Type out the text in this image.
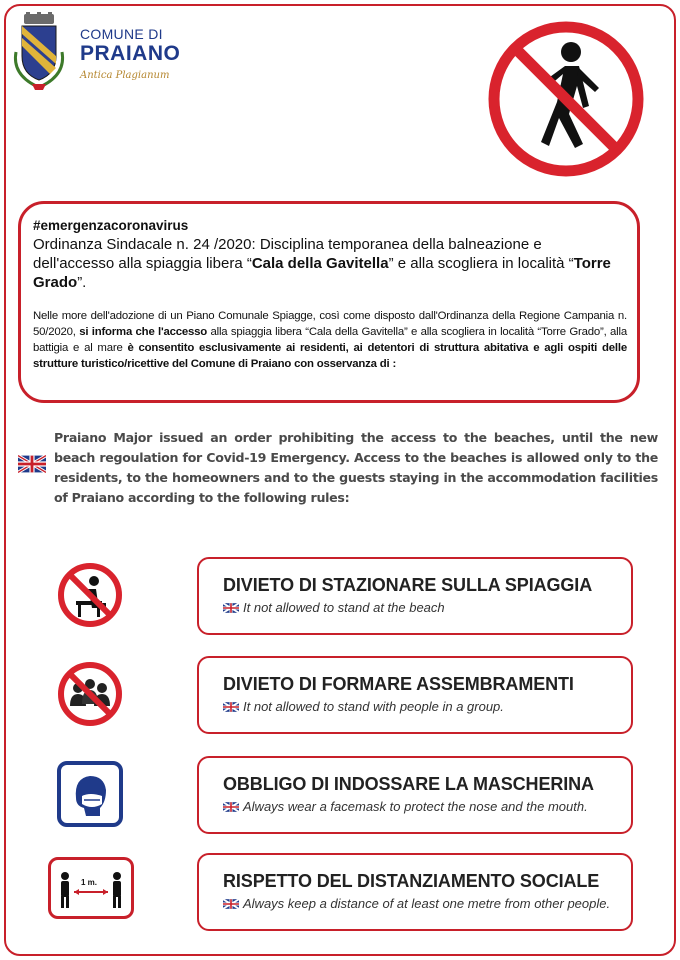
COMUNE DI
PRAIANO
Antica Plagianum
#emergenzacoronavirus
Ordinanza Sindacale n. 24 /2020: Disciplina temporanea della balneazione e dell'accesso alla spiaggia libera “Cala della Gavitella” e alla scogliera in località “Torre Grado”.
Nelle more dell'adozione di un Piano Comunale Spiagge, così come disposto dall'Ordinanza della Regione Campania n. 50/2020, si informa che l'accesso alla spiaggia libera “Cala della Gavitella” e alla scogliera in località “Torre Grado”, alla battigia e al mare è consentito esclusivamente ai residenti, ai detentori di struttura abitativa e agli ospiti delle strutture turistico/ricettive del Comune di Praiano con osservanza di :
Praiano Major issued an order prohibiting the access to the beaches, until the new beach regoulation for Covid-19 Emergency. Access to the beaches is allowed only to the residents, to the homeowners and to the guests staying in the accommodation facilities of Praiano according to the following rules:
DIVIETO DI STAZIONARE SULLA SPIAGGIA
It not allowed to stand at the beach
DIVIETO DI FORMARE ASSEMBRAMENTI
It not allowed to stand with people in a group.
OBBLIGO DI INDOSSARE LA MASCHERINA
Always wear a facemask to protect the nose and the mouth.
1 m.	RISPETTO DEL DISTANZIAMENTO SOCIALE
Always keep a distance of at least one metre from other people.
